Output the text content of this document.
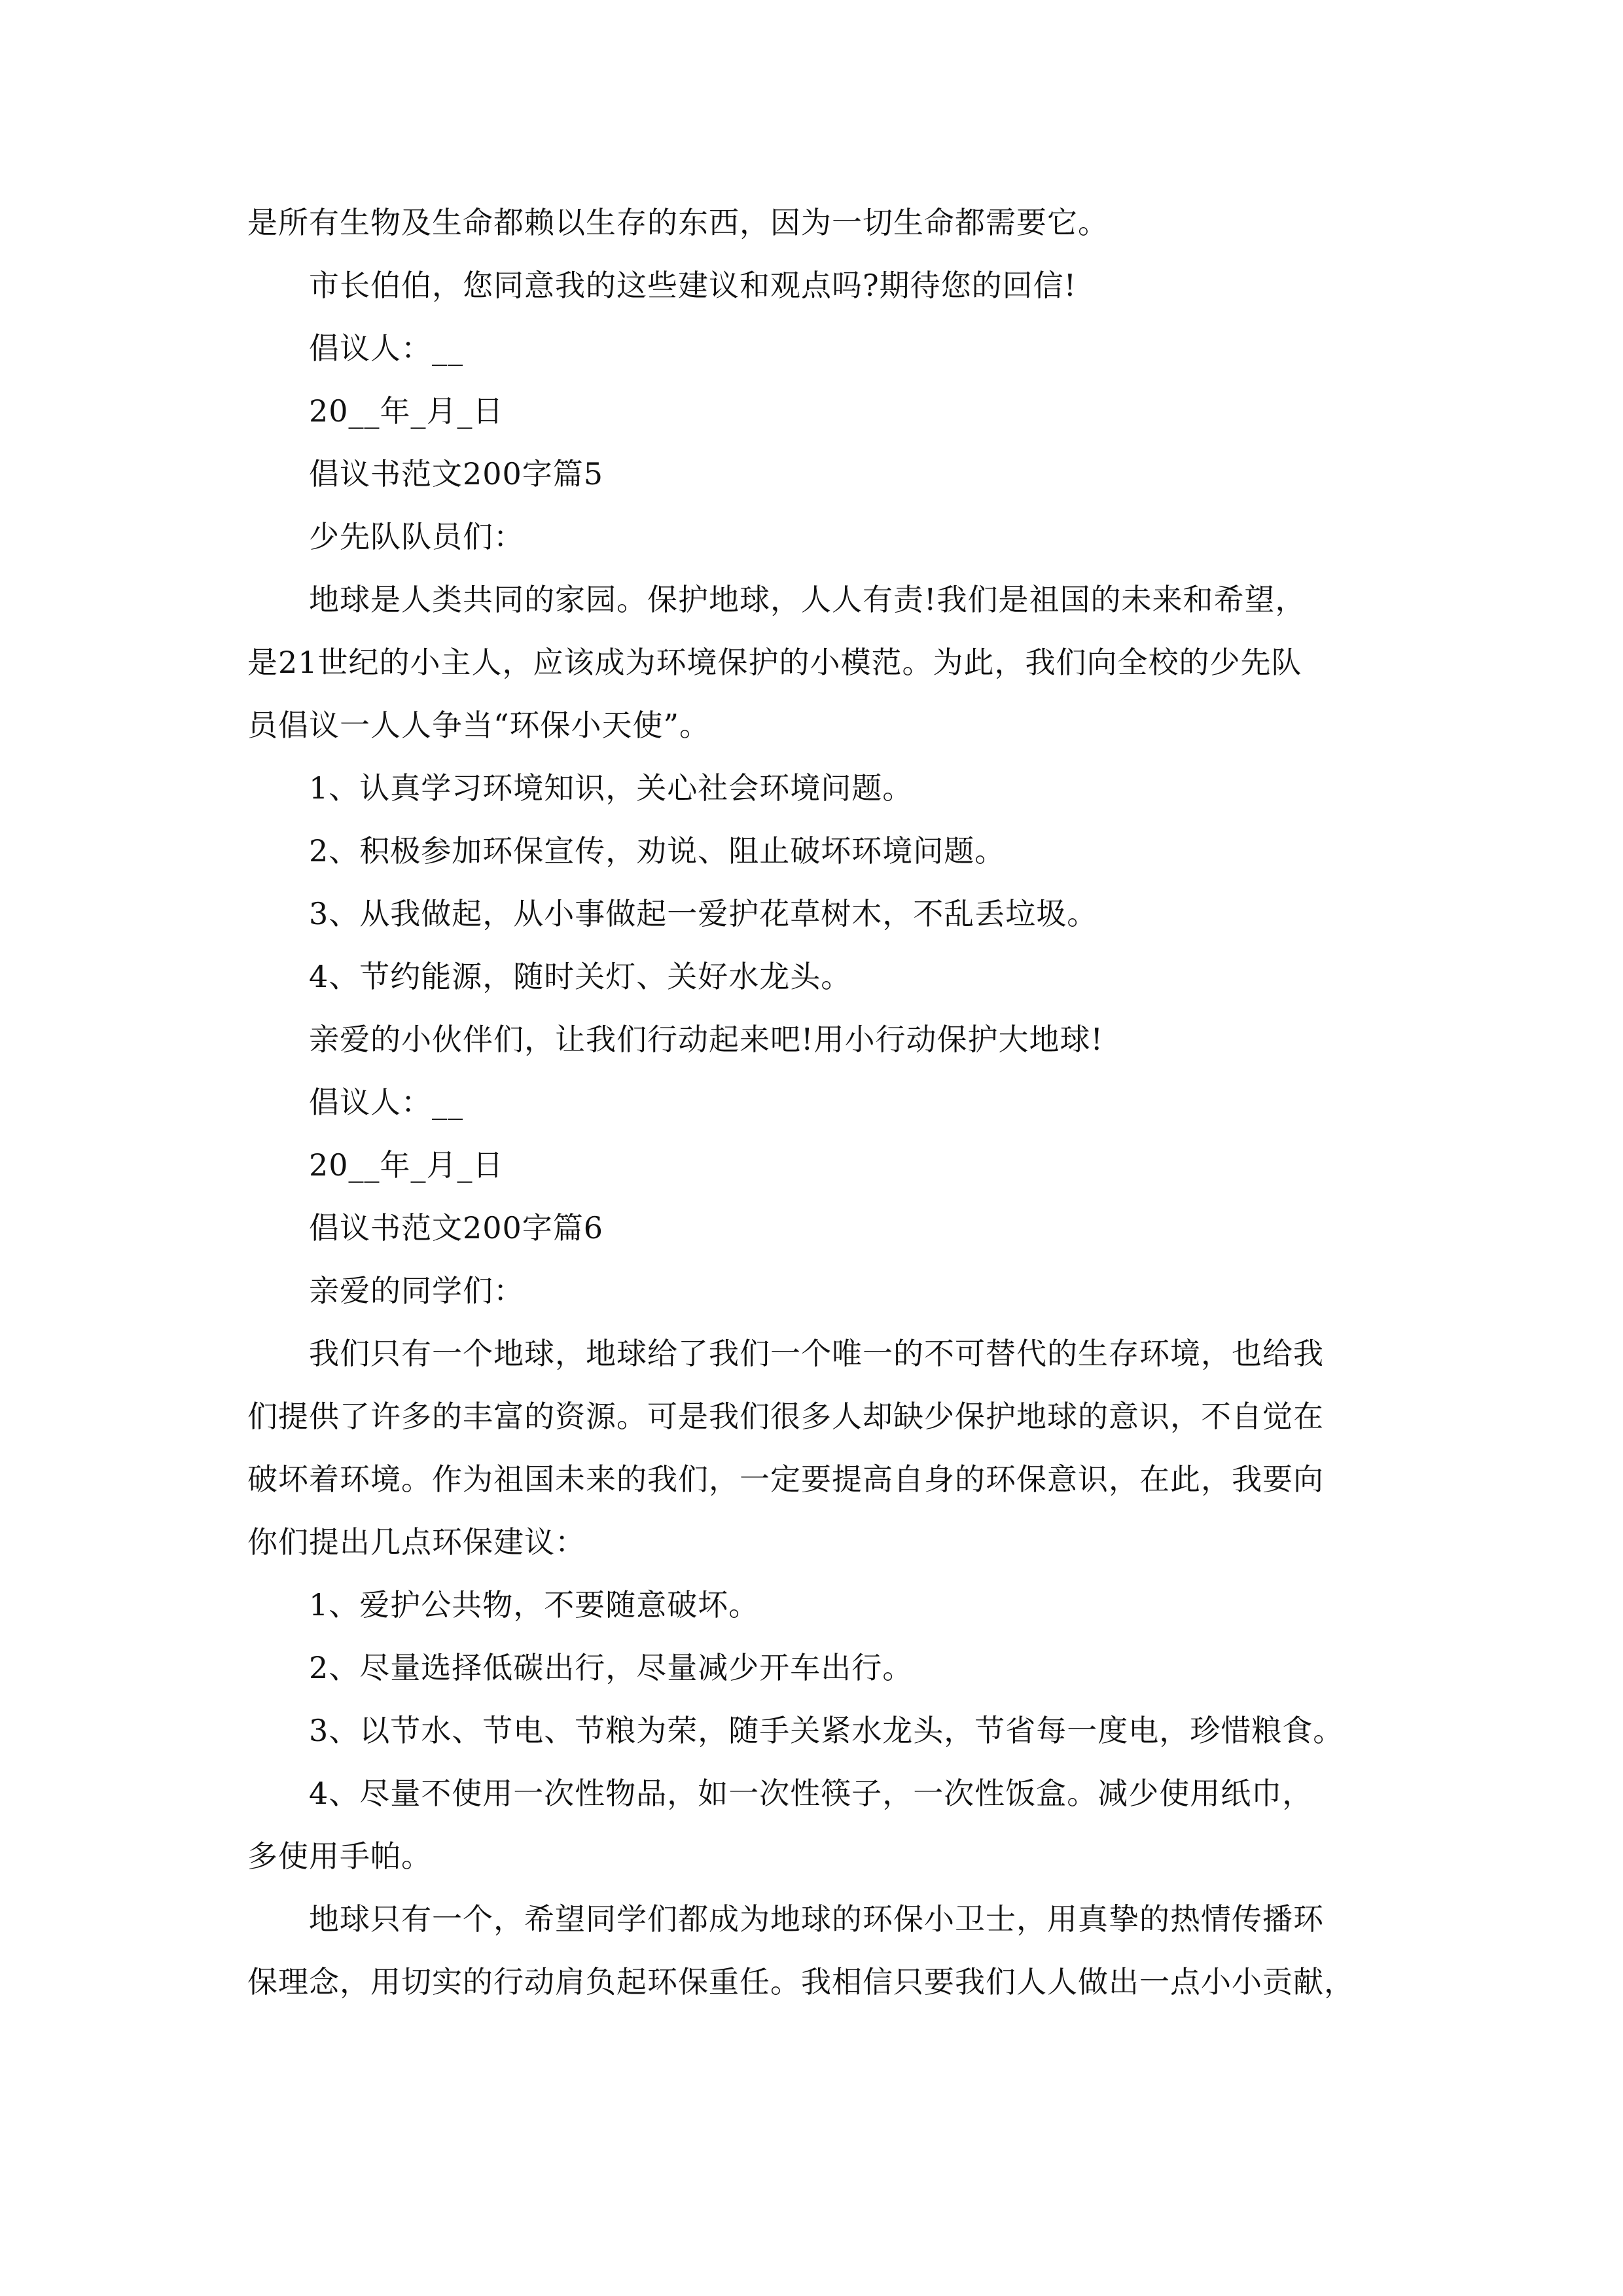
是所有生物及生命都赖以生存的东西，因为一切生命都需要它。
市长伯伯，您同意我的这些建议和观点吗?期待您的回信!
倡议人：__
20__年_月_日
倡议书范文200字篇5
少先队队员们：
地球是人类共同的家园。保护地球，人人有责!我们是祖国的未来和希望，
是21世纪的小主人，应该成为环境保护的小模范。为此，我们向全校的少先队
员倡议一人人争当“环保小天使”。
1、认真学习环境知识，关心社会环境问题。
2、积极参加环保宣传，劝说、阻止破坏环境问题。
3、从我做起，从小事做起一爱护花草树木，不乱丢垃圾。
4、节约能源，随时关灯、关好水龙头。
亲爱的小伙伴们，让我们行动起来吧!用小行动保护大地球!
倡议人：__
20__年_月_日
倡议书范文200字篇6
亲爱的同学们：
我们只有一个地球，地球给了我们一个唯一的不可替代的生存环境，也给我
们提供了许多的丰富的资源。可是我们很多人却缺少保护地球的意识，不自觉在
破坏着环境。作为祖国未来的我们，一定要提高自身的环保意识，在此，我要向
你们提出几点环保建议：
1、爱护公共物，不要随意破坏。
2、尽量选择低碳出行，尽量减少开车出行。
3、以节水、节电、节粮为荣，随手关紧水龙头，节省每一度电，珍惜粮食。
4、尽量不使用一次性物品，如一次性筷子，一次性饭盒。减少使用纸巾，
多使用手帕。
地球只有一个，希望同学们都成为地球的环保小卫士，用真挚的热情传播环
保理念，用切实的行动肩负起环保重任。我相信只要我们人人做出一点小小贡献，
